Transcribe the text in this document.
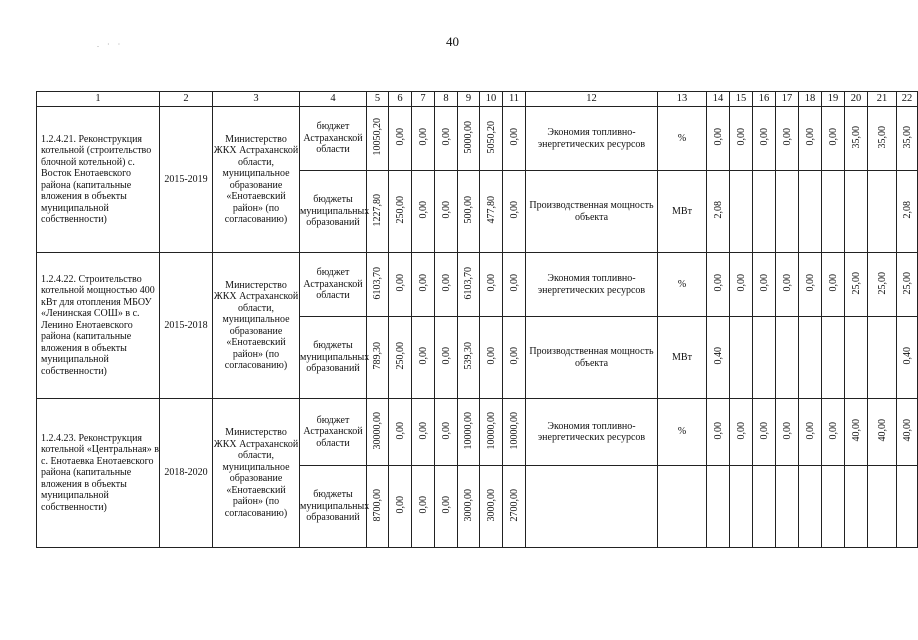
40
. · ·
1	2	3	4	5	6	7	8	9	10	11	12	13	14	15	16	17	18	19	20	21	22
1.2.4.21. Реконструкция котельной (строительство блочной котельной) с. Восток Енотаевского района (капитальные вложения в объекты муниципальной собственности)	2015-2019	Министерство ЖКХ Астраханской области, муниципальное образование «Енотаевский район» (по согласованию)	бюджет Астраханской области	10050,20	0,00	0,00	0,00	5000,00	5050,20	0,00	Экономия топливно-энергетических ресурсов	%	0,00	0,00	0,00	0,00	0,00	0,00	35,00	35,00	35,00
			бюджеты муниципальных образований	1227,80	250,00	0,00	0,00	500,00	477,80	0,00	Производственная мощность объекта	МВт	2,08								2,08
1.2.4.22. Строительство котельной мощностью 400 кВт для отопления МБОУ «Ленинская СОШ» в с. Ленино Енотаевского района (капитальные вложения в объекты муниципальной собственности)	2015-2018	Министерство ЖКХ Астраханской области, муниципальное образование «Енотаевский район» (по согласованию)	бюджет Астраханской области	6103,70	0,00	0,00	0,00	6103,70	0,00	0,00	Экономия топливно-энергетических ресурсов	%	0,00	0,00	0,00	0,00	0,00	0,00	25,00	25,00	25,00
			бюджеты муниципальных образований	789,30	250,00	0,00	0,00	539,30	0,00	0,00	Производственная мощность объекта	МВт	0,40								0,40
1.2.4.23. Реконструкция котельной «Центральная» в с. Енотаевка Енотаевского района (капитальные вложения в объекты муниципальной собственности)	2018-2020	Министерство ЖКХ Астраханской области, муниципальное образование «Енотаевский район» (по согласованию)	бюджет Астраханской области	30000,00	0,00	0,00	0,00	10000,00	10000,00	10000,00	Экономия топливно-энергетических ресурсов	%	0,00	0,00	0,00	0,00	0,00	0,00	40,00	40,00	40,00
			бюджеты муниципальных образований	8700,00	0,00	0,00	0,00	3000,00	3000,00	2700,00											
